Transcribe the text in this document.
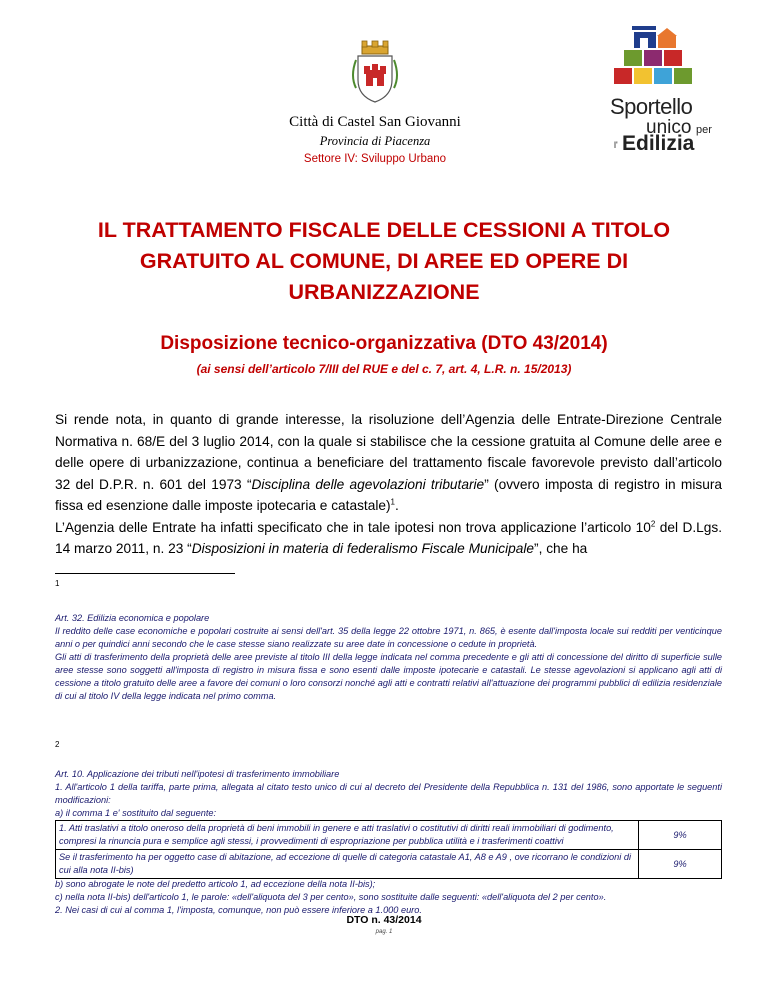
Città di Castel San Giovanni
Provincia di Piacenza
Settore IV: Sviluppo Urbano
Sportello
unico per
l' Edilizia
IL TRATTAMENTO FISCALE DELLE CESSIONI A TITOLO
GRATUITO AL COMUNE, DI AREE ED OPERE DI
URBANIZZAZIONE
Disposizione tecnico-organizzativa (DTO 43/2014)
(ai sensi dell’articolo 7/III del RUE e del c. 7, art. 4, L.R. n. 15/2013)

Si rende nota, in quanto di grande interesse, la risoluzione dell’Agenzia delle Entrate-Direzione Centrale Normativa n. 68/E del 3 luglio 2014, con la quale si stabilisce che la cessione gratuita al Comune delle aree e delle opere di urbanizzazione, continua a beneficiare del trattamento fiscale favorevole previsto dall’articolo 32 del D.P.R. n. 601 del 1973 “Disciplina delle agevolazioni tributarie” (ovvero imposta di registro in misura fissa ed esenzione dalle imposte ipotecaria e catastale)$^1$.

L’Agenzia delle Entrate ha infatti specificato che in tale ipotesi non trova applicazione l’articolo $10^2$ del D.Lgs. 14 marzo 2011, n. 23 “Disposizioni in materia di federalismo Fiscale Municipale”, che ha

1

Art. 32. Edilizia economica e popolare

Il reddito delle case economiche e popolari costruite ai sensi dell'art. 35 della legge 22 ottobre 1971, n. 865, è esente dall'imposta locale sui redditi per venticinque anni o per quindici anni secondo che le case stesse siano realizzate su aree date in concessione o cedute in proprietà.

Gli atti di trasferimento della proprietà delle aree previste al titolo III della legge indicata nel comma precedente e gli atti di concessione del diritto di superficie sulle aree stesse sono soggetti all'imposta di registro in misura fissa e sono esenti dalle imposte ipotecarie e catastali. Le stesse agevolazioni si applicano agli atti di cessione a titolo gratuito delle aree a favore dei comuni o loro consorzi nonché agli atti e contratti relativi all'attuazione dei programmi pubblici di edilizia residenziale di cui al titolo IV della legge indicata nel primo comma.

2

Art. 10. Applicazione dei tributi nell'ipotesi di trasferimento immobiliare

1. All'articolo 1 della tariffa, parte prima, allegata al citato testo unico di cui al decreto del Presidente della Repubblica n. 131 del 1986, sono apportate le seguenti modificazioni:

a) il comma 1 e' sostituito dal seguente:

1. Atti traslativi a titolo oneroso della proprietà di beni immobili in genere e atti traslativi o costitutivi di diritti reali immobiliari di godimento, compresi la rinuncia pura e semplice agli stessi, i provvedimenti di espropriazione per pubblica utilità e i trasferimenti coattivi	9%
Se il trasferimento ha per oggetto case di abitazione, ad eccezione di quelle di categoria catastale A1, A8 e A9 , ove ricorrano le condizioni di cui alla nota II-bis)	9%

b) sono abrogate le note del predetto articolo 1, ad eccezione della nota II-bis);

c) nella nota II-bis) dell'articolo 1, le parole: «dell'aliquota del 3 per cento», sono sostituite dalle seguenti: «dell'aliquota del 2 per cento».

2. Nei casi di cui al comma 1, l'imposta, comunque, non può essere inferiore a 1.000 euro.

DTO n. 43/2014
pag. 1
